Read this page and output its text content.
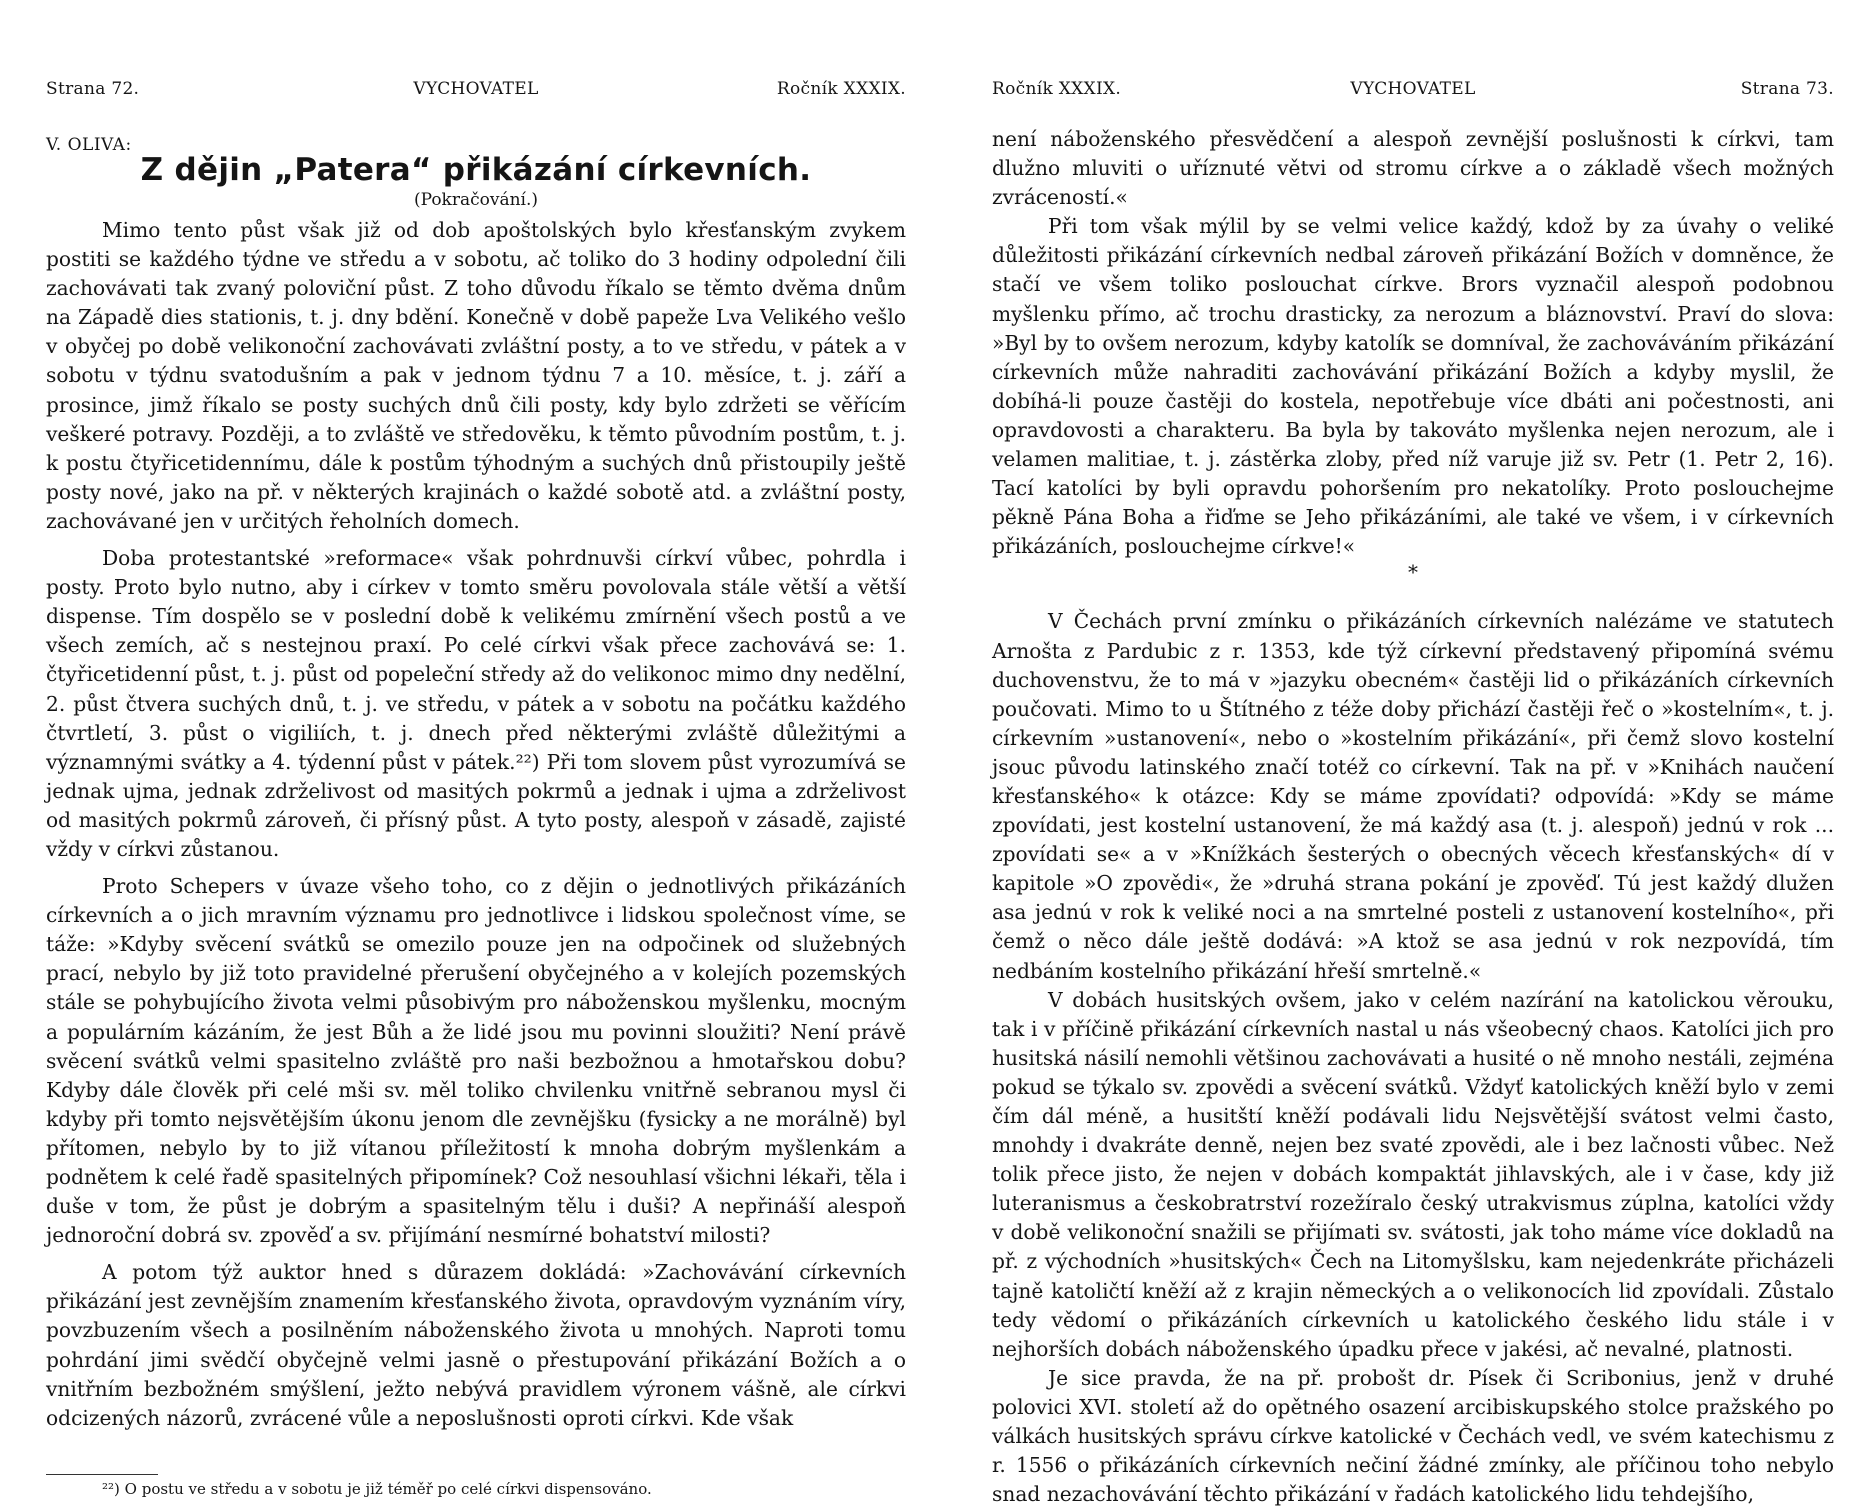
Strana 72.	VYCHOVATEL	Ročník XXXIX.
V. OLIVA:
Z dějin „Patera“ přikázání církevních.
(Pokračování.)

Mimo tento půst však již od dob apoštolských bylo křesťanským zvykem postiti se každého týdne ve středu a v sobotu, ač toliko do 3 hodiny odpolední čili zachovávati tak zvaný poloviční půst. Z toho důvodu říkalo se těmto dvěma dnům na Západě dies stationis, t. j. dny bdění. Konečně v době papeže Lva Velikého vešlo v obyčej po době velikonoční zachovávati zvláštní posty, a to ve středu, v pátek a v sobotu v týdnu svatodušním a pak v jednom týdnu 7 a 10. měsíce, t. j. září a prosince, jimž říkalo se posty suchých dnů čili posty, kdy bylo zdržeti se věřícím veškeré potravy. Později, a to zvláště ve středověku, k těmto původním postům, t. j. k postu čtyřicetidennímu, dále k postům týhodným a suchých dnů přistoupily ještě posty nové, jako na př. v některých krajinách o každé sobotě atd. a zvláštní posty, zachovávané jen v určitých řeholních domech.

Doba protestantské »reformace« však pohrdnuvši církví vůbec, pohrdla i posty. Proto bylo nutno, aby i církev v tomto směru povolovala stále větší a větší dispense. Tím dospělo se v poslední době k velikému zmírnění všech postů a ve všech zemích, ač s nestejnou praxí. Po celé církvi však přece zachovává se: 1. čtyřicetidenní půst, t. j. půst od popeleční středy až do velikonoc mimo dny nedělní, 2. půst čtvera suchých dnů, t. j. ve středu, v pátek a v sobotu na počátku každého čtvrtletí, 3. půst o vigiliích, t. j. dnech před některými zvláště důležitými a významnými svátky a 4. týdenní půst v pátek.²²) Při tom slovem půst vyrozumívá se jednak ujma, jednak zdrželivost od masitých pokrmů a jednak i ujma a zdrželivost od masitých pokrmů zároveň, či přísný půst. A tyto posty, alespoň v zásadě, zajisté vždy v církvi zůstanou.

Proto Schepers v úvaze všeho toho, co z dějin o jednotlivých přikázáních církevních a o jich mravním významu pro jednotlivce i lidskou společnost víme, se táže: »Kdyby svěcení svátků se omezilo pouze jen na odpočinek od služebných prací, nebylo by již toto pravidelné přerušení obyčejného a v kolejích pozemských stále se pohybujícího života velmi působivým pro náboženskou myšlenku, mocným a populárním kázáním, že jest Bůh a že lidé jsou mu povinni sloužiti? Není právě svěcení svátků velmi spasitelno zvláště pro naši bezbožnou a hmotařskou dobu? Kdyby dále člověk při celé mši sv. měl toliko chvilenku vnitřně sebranou mysl či kdyby při tomto nejsvětějším úkonu jenom dle zevnějšku (fysicky a ne morálně) byl přítomen, nebylo by to již vítanou příležitostí k mnoha dobrým myšlenkám a podnětem k celé řadě spasitelných připomínek? Což nesouhlasí všichni lékaři, těla i duše v tom, že půst je dobrým a spasitelným tělu i duši? A nepřináší alespoň jednoroční dobrá sv. zpověď a sv. přijímání nesmírné bohatství milosti?

A potom týž auktor hned s důrazem dokládá: »Zachovávání církevních přikázání jest zevnějším znamením křesťanského života, opravdovým vyznáním víry, povzbuzením všech a posilněním náboženského života u mnohých. Naproti tomu pohrdání jimi svědčí obyčejně velmi jasně o přestupování přikázání Božích a o vnitřním bezbožném smýšlení, ježto nebývá pravidlem výronem vášně, ale církvi odcizených názorů, zvrácené vůle a neposlušnosti oproti církvi. Kde však

²²) O postu ve středu a v sobotu je již téměř po celé církvi dispensováno.
Ročník XXXIX.	VYCHOVATEL	Strana 73.

není náboženského přesvědčení a alespoň zevnější poslušnosti k církvi, tam dlužno mluviti o uříznuté větvi od stromu církve a o základě všech možných zvráceností.«

Při tom však mýlil by se velmi velice každý, kdož by za úvahy o veliké důležitosti přikázání církevních nedbal zároveň přikázání Božích v domněnce, že stačí ve všem toliko poslouchat církve. Brors vyznačil alespoň podobnou myšlenku přímo, ač trochu drasticky, za nerozum a bláznovství. Praví do slova: »Byl by to ovšem nerozum, kdyby katolík se domníval, že zachováváním přikázání církevních může nahraditi zachovávání přikázání Božích a kdyby myslil, že dobíhá-li pouze častěji do kostela, nepotřebuje více dbáti ani počestnosti, ani opravdovosti a charakteru. Ba byla by takováto myšlenka nejen nerozum, ale i velamen malitiae, t. j. zástěrka zloby, před níž varuje již sv. Petr (1. Petr 2, 16). Tací katolíci by byli opravdu pohoršením pro nekatolíky. Proto poslouchejme pěkně Pána Boha a řiďme se Jeho přikázáními, ale také ve všem, i v církevních přikázáních, poslouchejme církve!«

*

V Čechách první zmínku o přikázáních církevních nalézáme ve statutech Arnošta z Pardubic z r. 1353, kde týž církevní představený připomíná svému duchovenstvu, že to má v »jazyku obecném« častěji lid o přikázáních církevních poučovati. Mimo to u Štítného z téže doby přichází častěji řeč o »kostelním«, t. j. církevním »ustanovení«, nebo o »kostelním přikázání«, při čemž slovo kostelní jsouc původu latinského značí totéž co církevní. Tak na př. v »Knihách naučení křesťanského« k otázce: Kdy se máme zpovídati? odpovídá: »Kdy se máme zpovídati, jest kostelní ustanovení, že má každý asa (t. j. alespoň) jednú v rok ... zpovídati se« a v »Knížkách šesterých o obecných věcech křesťanských« dí v kapitole »O zpovědi«, že »druhá strana pokání je zpověď. Tú jest každý dlužen asa jednú v rok k veliké noci a na smrtelné posteli z ustanovení kostelního«, při čemž o něco dále ještě dodává: »A ktož se asa jednú v rok nezpovídá, tím nedbáním kostelního přikázání hřeší smrtelně.«

V dobách husitských ovšem, jako v celém nazírání na katolickou věrouku, tak i v příčině přikázání církevních nastal u nás všeobecný chaos. Katolíci jich pro husitská násilí nemohli většinou zachovávati a husité o ně mnoho nestáli, zejména pokud se týkalo sv. zpovědi a svěcení svátků. Vždyť katolických kněží bylo v zemi čím dál méně, a husitští kněží podávali lidu Nejsvětější svátost velmi často, mnohdy i dvakráte denně, nejen bez svaté zpovědi, ale i bez lačnosti vůbec. Než tolik přece jisto, že nejen v dobách kompaktát jihlavských, ale i v čase, kdy již luteranismus a českobratrství rozežíralo český utrakvismus zúplna, katolíci vždy v době velikonoční snažili se přijímati sv. svátosti, jak toho máme více dokladů na př. z východních »husitských« Čech na Litomyšlsku, kam nejedenkráte přicházeli tajně katoličtí kněží až z krajin německých a o velikonocích lid zpovídali. Zůstalo tedy vědomí o přikázáních církevních u katolického českého lidu stále i v nejhorších dobách náboženského úpadku přece v jakési, ač nevalné, platnosti.

Je sice pravda, že na př. probošt dr. Písek či Scribonius, jenž v druhé polovici XVI. století až do opětného osazení arcibiskupského stolce pražského po válkách husitských správu církve katolické v Čechách vedl, ve svém katechismu z r. 1556 o přikázáních církevních nečiní žádné zmínky, ale příčinou toho nebylo snad nezachovávání těchto přikázání v řadách katolického lidu tehdejšího,
